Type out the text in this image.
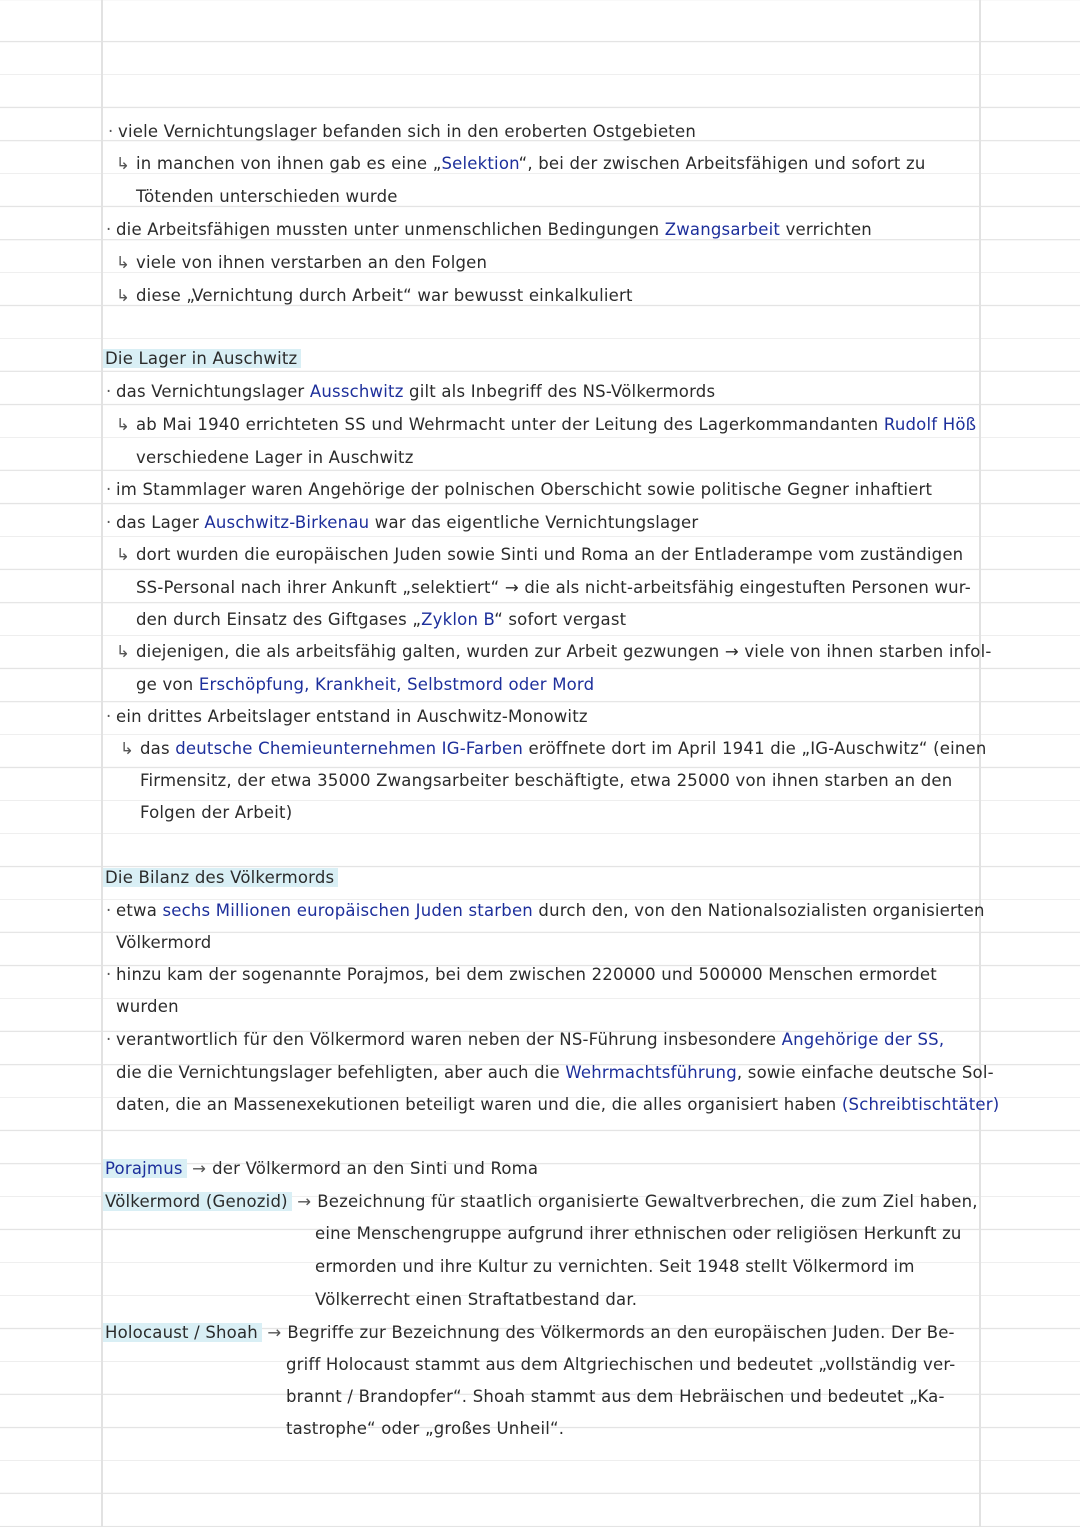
· viele Vernichtungslager befanden sich in den eroberten Ostgebieten
↳ in manchen von ihnen gab es eine „Selektion“, bei der zwischen Arbeitsfähigen und sofort zu
Tötenden unterschieden wurde
· die Arbeitsfähigen mussten unter unmenschlichen Bedingungen Zwangsarbeit verrichten
↳ viele von ihnen verstarben an den Folgen
↳ diese „Vernichtung durch Arbeit“ war bewusst einkalkuliert
Die Lager in Auschwitz
· das Vernichtungslager Ausschwitz gilt als Inbegriff des NS-Völkermords
↳ ab Mai 1940 errichteten SS und Wehrmacht unter der Leitung des Lagerkommandanten Rudolf Höß
verschiedene Lager in Auschwitz
· im Stammlager waren Angehörige der polnischen Oberschicht sowie politische Gegner inhaftiert
· das Lager Auschwitz-Birkenau war das eigentliche Vernichtungslager
↳ dort wurden die europäischen Juden sowie Sinti und Roma an der Entladerampe vom zuständigen
SS-Personal nach ihrer Ankunft „selektiert“ → die als nicht-arbeitsfähig eingestuften Personen wur-
den durch Einsatz des Giftgases „Zyklon B“ sofort vergast
↳ diejenigen, die als arbeitsfähig galten, wurden zur Arbeit gezwungen → viele von ihnen starben infol-
ge von Erschöpfung, Krankheit, Selbstmord oder Mord
· ein drittes Arbeitslager entstand in Auschwitz-Monowitz
↳ das deutsche Chemieunternehmen IG-Farben eröffnete dort im April 1941 die „IG-Auschwitz“ (einen
Firmensitz, der etwa 35000 Zwangsarbeiter beschäftigte, etwa 25000 von ihnen starben an den
Folgen der Arbeit)
Die Bilanz des Völkermords
· etwa sechs Millionen europäischen Juden starben durch den, von den Nationalsozialisten organisierten
Völkermord
· hinzu kam der sogenannte Porajmos, bei dem zwischen 220000 und 500000 Menschen ermordet
wurden
· verantwortlich für den Völkermord waren neben der NS-Führung insbesondere Angehörige der SS,
die die Vernichtungslager befehligten, aber auch die Wehrmachtsführung, sowie einfache deutsche Sol-
daten, die an Massenexekutionen beteiligt waren und die, die alles organisiert haben (Schreibtischtäter)
Porajmus → der Völkermord an den Sinti und Roma
Völkermord (Genozid) → Bezeichnung für staatlich organisierte Gewaltverbrechen, die zum Ziel haben,
eine Menschengruppe aufgrund ihrer ethnischen oder religiösen Herkunft zu
ermorden und ihre Kultur zu vernichten. Seit 1948 stellt Völkermord im
Völkerrecht einen Straftatbestand dar.
Holocaust / Shoah → Begriffe zur Bezeichnung des Völkermords an den europäischen Juden. Der Be-
griff Holocaust stammt aus dem Altgriechischen und bedeutet „vollständig ver-
brannt / Brandopfer“. Shoah stammt aus dem Hebräischen und bedeutet „Ka-
tastrophe“ oder „großes Unheil“.
